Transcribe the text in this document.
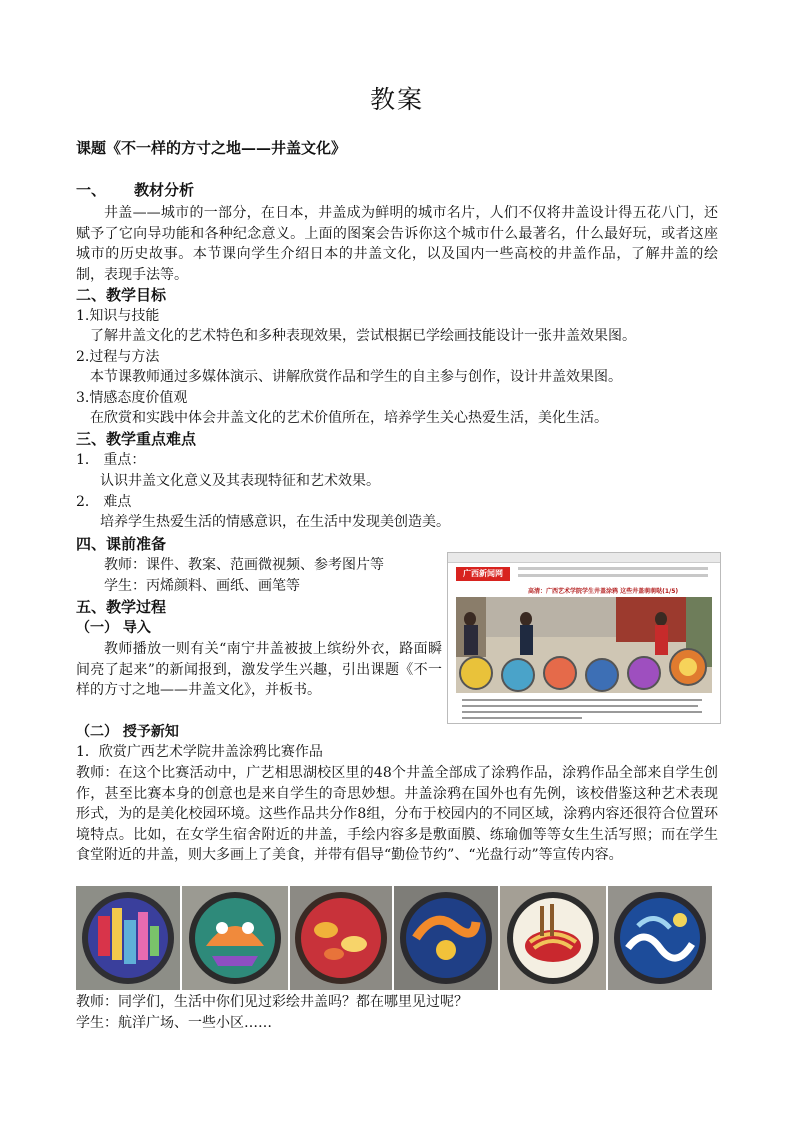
教案
课题《不一样的方寸之地——井盖文化》
一、 教材分析
井盖——城市的一部分，在日本，井盖成为鲜明的城市名片，人们不仅将井盖设计得五花八门，还赋予了它向导功能和各种纪念意义。上面的图案会告诉你这个城市什么最著名，什么最好玩，或者这座城市的历史故事。本节课向学生介绍日本的井盖文化，以及国内一些高校的井盖作品，了解井盖的绘制，表现手法等。
二、教学目标
1.知识与技能
了解井盖文化的艺术特色和多种表现效果，尝试根据已学绘画技能设计一张井盖效果图。
2.过程与方法
本节课教师通过多媒体演示、讲解欣赏作品和学生的自主参与创作，设计井盖效果图。
3.情感态度价值观
在欣赏和实践中体会井盖文化的艺术价值所在，培养学生关心热爱生活，美化生活。
三、教学重点难点
1． 重点：
认识井盖文化意义及其表现特征和艺术效果。
2． 难点
培养学生热爱生活的情感意识，在生活中发现美创造美。
四、课前准备
教师：课件、教案、范画微视频、参考图片等
学生：丙烯颜料、画纸、画笔等
五、教学过程
（一） 导入
教师播放一则有关“南宁井盖被披上缤纷外衣，路面瞬间亮了起来”的新闻报到，激发学生兴趣，引出课题《不一样的方寸之地——井盖文化》，并板书。
（二） 授予新知
1．欣赏广西艺术学院井盖涂鸦比赛作品
教师：在这个比赛活动中，广艺相思湖校区里的48个井盖全部成了涂鸦作品，涂鸦作品全部来自学生创作，甚至比赛本身的创意也是来自学生的奇思妙想。井盖涂鸦在国外也有先例，该校借鉴这种艺术表现形式，为的是美化校园环境。这些作品共分作8组，分布于校园内的不同区域，涂鸦内容还很符合位置环境特点。比如，在女学生宿舍附近的井盖，手绘内容多是敷面膜、练瑜伽等等女生生活写照；而在学生食堂附近的井盖，则大多画上了美食，并带有倡导“勤俭节约”、“光盘行动”等宣传内容。
广西新闻网
高清：广西艺术学院学生井盖涂鸦 这些井盖萌萌哒(1/5)
教师：同学们，生活中你们见过彩绘井盖吗？都在哪里见过呢？
学生：航洋广场、一些小区……
